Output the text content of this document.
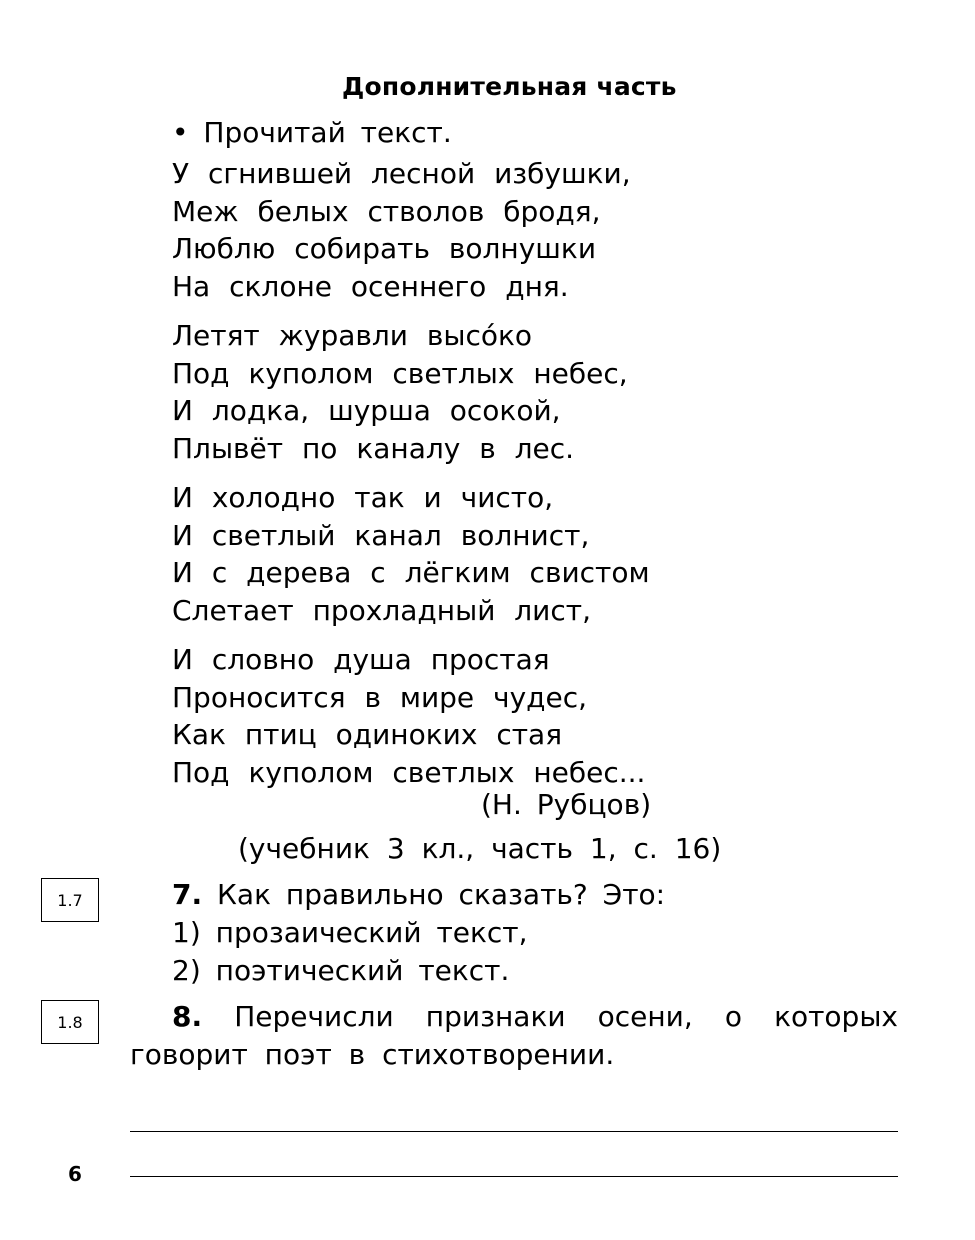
Дополнительная часть
• Прочитай текст.
У сгнившей лесной избушки,
Меж белых стволов бродя,
Люблю собирать волнушки
На склоне осеннего дня.
Летят журавли высóко
Под куполом светлых небес,
И лодка, шурша осокой,
Плывёт по каналу в лес.
И холодно так и чисто,
И светлый канал волнист,
И с дерева с лёгким свистом
Слетает прохладный лист,
И словно душа простая
Проносится в мире чудес,
Как птиц одиноких стая
Под куполом светлых небес...
(Н. Рубцов)
(учебник 3 кл., часть 1, с. 16)
1.7	7. Как правильно сказать? Это:
1) прозаический текст,
2) поэтический текст.
1.8	8. Перечисли признаки осени, о которых
говорит поэт в стихотворении.
6
